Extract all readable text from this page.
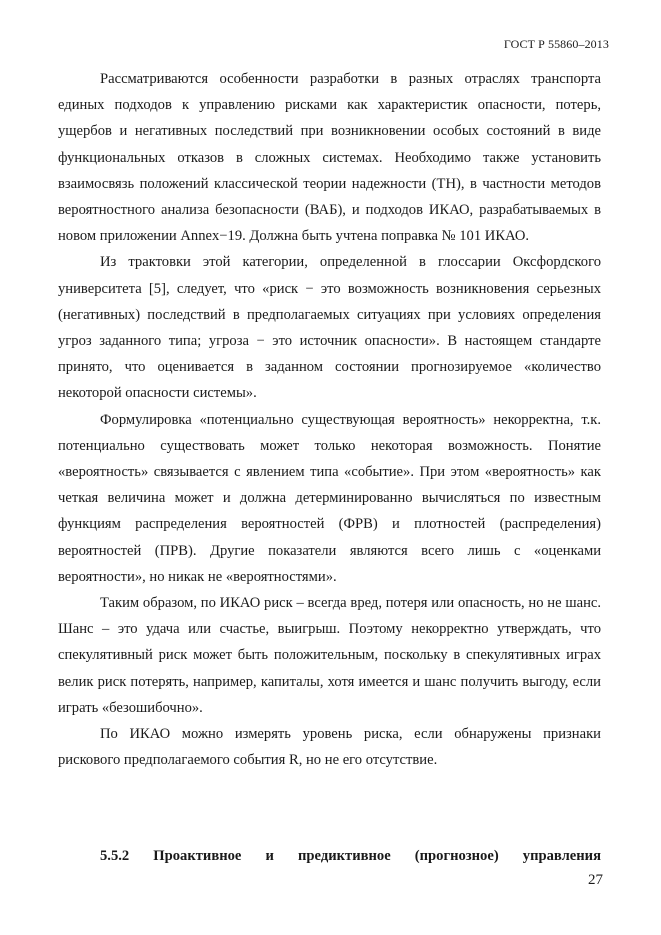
ГОСТ Р 55860–2013

Рассматриваются особенности разработки в разных отраслях транспорта единых подходов к управлению рисками как характеристик опасности, потерь, ущербов и негативных последствий при возникновении особых состояний в виде функциональных отказов в сложных системах. Необходимо также установить взаимосвязь положений классической теории надежности (ТН), в частности методов вероятностного анализа безопасности (ВАБ), и подходов ИКАО, разрабатываемых в новом приложении Annex−19. Должна быть учтена поправка № 101 ИКАО.

Из трактовки этой категории, определенной в глоссарии Оксфордского университета [5], следует, что «риск − это возможность возникновения серьезных (негативных) последствий в предполагаемых ситуациях при условиях определения угроз заданного типа; угроза − это источник опасности». В настоящем стандарте принято, что оценивается в заданном состоянии прогнозируемое «количество некоторой опасности системы».

Формулировка «потенциально существующая вероятность» некорректна, т.к. потенциально существовать может только некоторая возможность. Понятие «вероятность» связывается с явлением типа «событие». При этом «вероятность» как четкая величина может и должна детерминированно вычисляться по известным функциям распределения вероятностей (ФРВ) и плотностей (распределения) вероятностей (ПРВ). Другие показатели являются всего лишь с «оценками вероятности», но никак не «вероятностями».

Таким образом, по ИКАО риск – всегда вред, потеря или опасность, но не шанс. Шанс – это удача или счастье, выигрыш. Поэтому некорректно утверждать, что спекулятивный риск может быть положительным, поскольку в спекулятивных играх велик риск потерять, например, капиталы, хотя имеется и шанс получить выгоду, если играть «безошибочно».

По ИКАО можно измерять уровень риска, если обнаружены признаки рискового предполагаемого события R, но не его отсутствие.

5.5.2 Проактивное и предиктивное (прогнозное) управления
27
